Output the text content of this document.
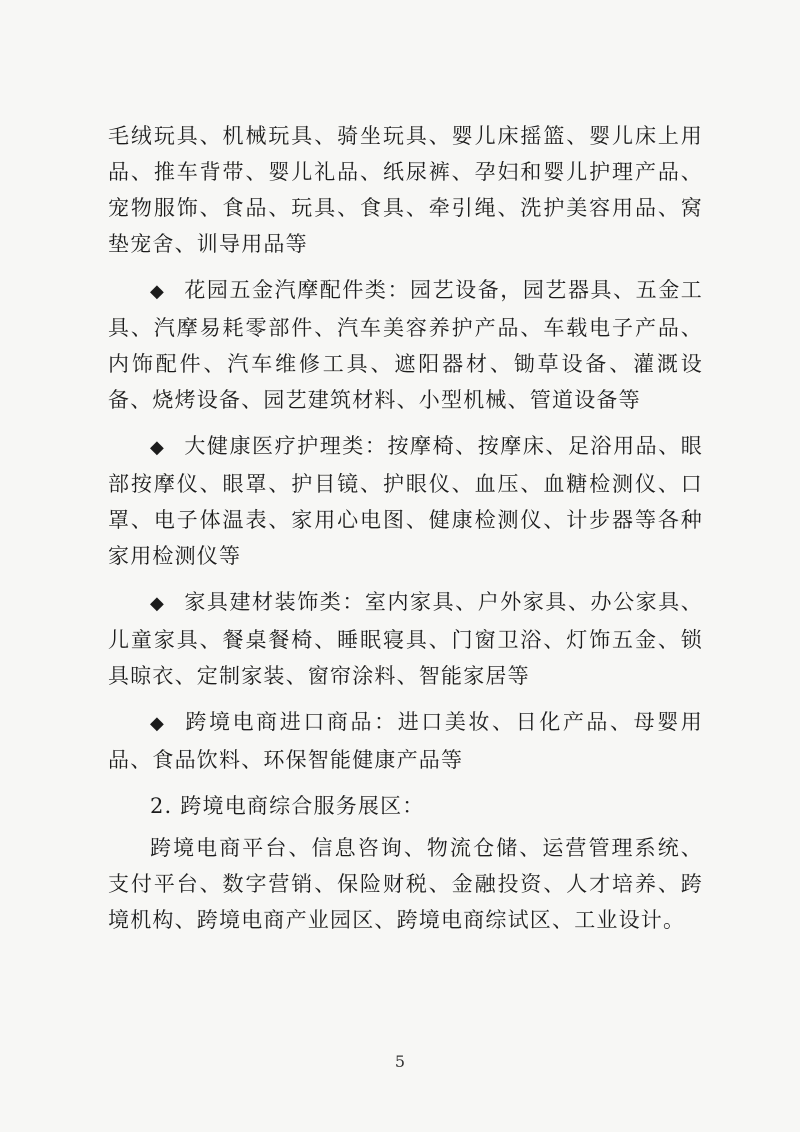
毛绒玩具、机械玩具、骑坐玩具、婴儿床摇篮、婴儿床上用品、推车背带、婴儿礼品、纸尿裤、孕妇和婴儿护理产品、宠物服饰、食品、玩具、食具、牵引绳、洗护美容用品、窝垫宠舍、训导用品等

◆ 花园五金汽摩配件类：园艺设备，园艺器具、五金工具、汽摩易耗零部件、汽车美容养护产品、车载电子产品、内饰配件、汽车维修工具、遮阳器材、锄草设备、灌溉设备、烧烤设备、园艺建筑材料、小型机械、管道设备等

◆ 大健康医疗护理类：按摩椅、按摩床、足浴用品、眼部按摩仪、眼罩、护目镜、护眼仪、血压、血糖检测仪、口罩、电子体温表、家用心电图、健康检测仪、计步器等各种家用检测仪等

◆ 家具建材装饰类：室内家具、户外家具、办公家具、儿童家具、餐桌餐椅、睡眠寝具、门窗卫浴、灯饰五金、锁具晾衣、定制家装、窗帘涂料、智能家居等

◆ 跨境电商进口商品：进口美妆、日化产品、母婴用品、食品饮料、环保智能健康产品等

2. 跨境电商综合服务展区：

跨境电商平台、信息咨询、物流仓储、运营管理系统、支付平台、数字营销、保险财税、金融投资、人才培养、跨境机构、跨境电商产业园区、跨境电商综试区、工业设计。

5
